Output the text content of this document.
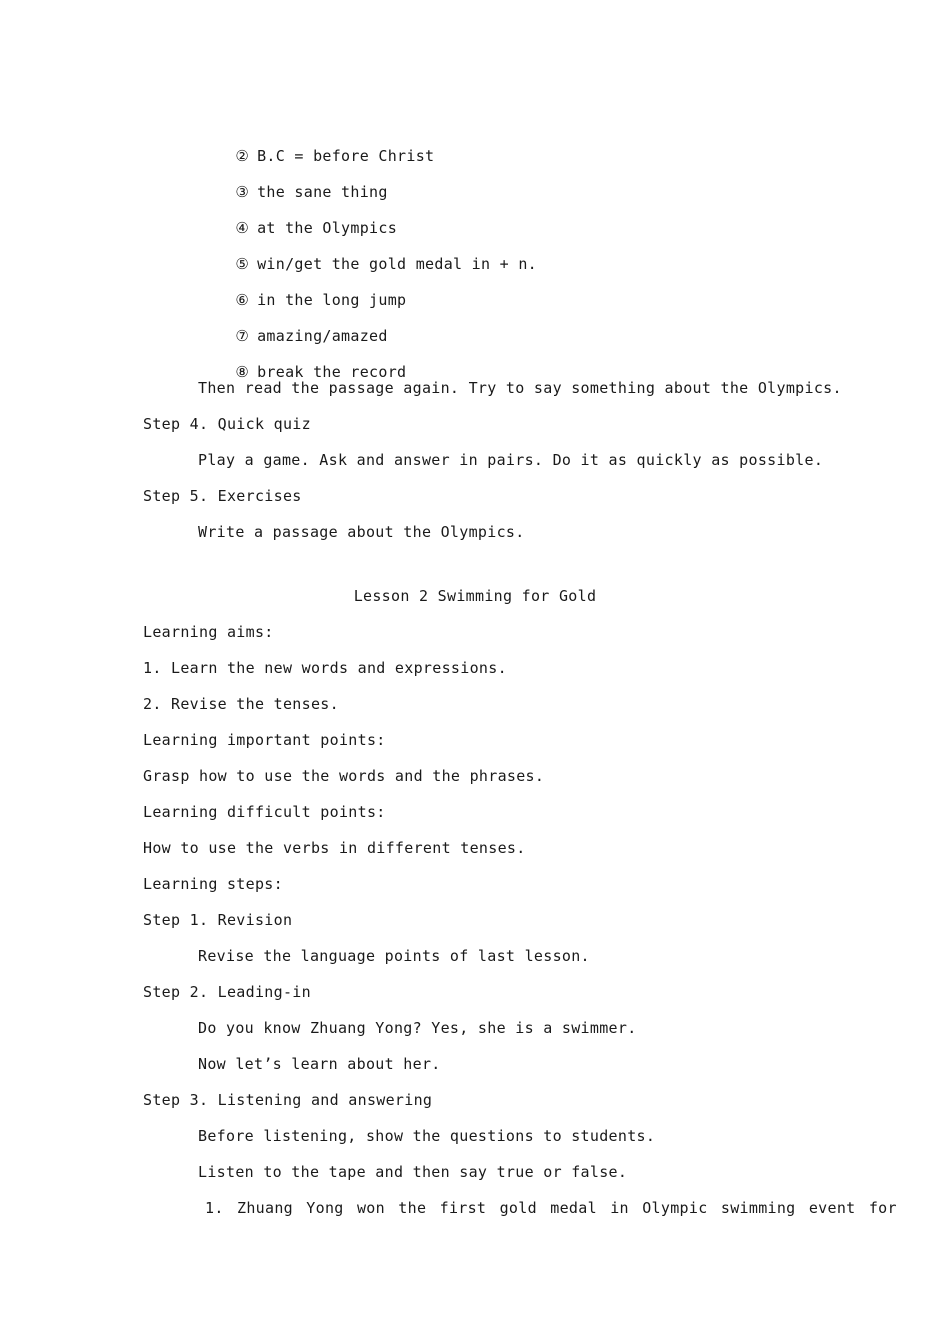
② B.C = before Christ

③ the sane thing

④ at the Olympics

⑤ win/get the gold medal in + n.

⑥ in the long jump

⑦ amazing/amazed

⑧ break the record

Then read the passage again. Try to say something about the Olympics.
Step 4. Quick quiz
Play a game. Ask and answer in pairs. Do it as quickly as possible.
Step 5. Exercises
Write a passage about the Olympics.
Lesson 2 Swimming for Gold
Learning aims:
1. Learn the new words and expressions.
2. Revise the tenses.
Learning important points:
Grasp how to use the words and the phrases.
Learning difficult points:
How to use the verbs in different tenses.
Learning steps:
Step 1. Revision
Revise the language points of last lesson.
Step 2. Leading-in
Do you know Zhuang Yong? Yes, she is a swimmer.
Now let’s learn about her.
Step 3. Listening and answering
Before listening, show the questions to students.
Listen to the tape and then say true or false.
1. Zhuang Yong won the first gold medal in Olympic swimming event for
